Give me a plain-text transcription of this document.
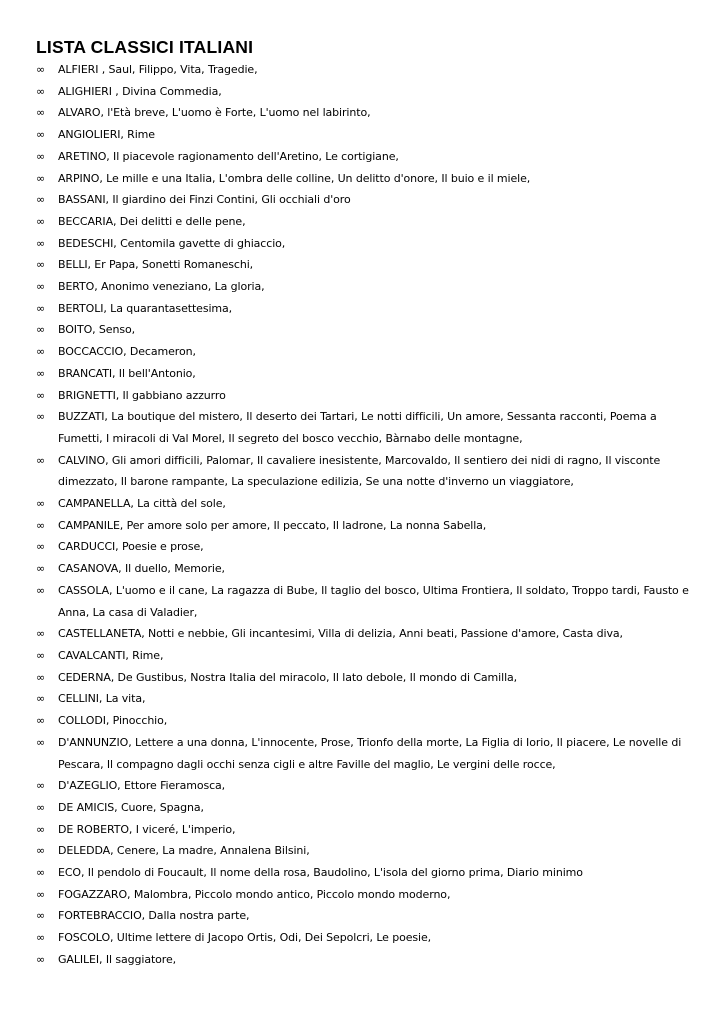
LISTA CLASSICI ITALIANI
∞ ALFIERI , Saul, Filippo, Vita, Tragedie,
∞ ALIGHIERI , Divina Commedia,
∞ ALVARO, l'Età breve, L'uomo è Forte, L'uomo nel labirinto,
∞ ANGIOLIERI, Rime
∞ ARETINO, Il piacevole ragionamento dell'Aretino, Le cortigiane,
∞ ARPINO, Le mille e una Italia, L'ombra delle colline, Un delitto d'onore, Il buio e il miele,
∞ BASSANI, Il giardino dei Finzi Contini, Gli occhiali d'oro
∞ BECCARIA, Dei delitti e delle pene,
∞ BEDESCHI, Centomila gavette di ghiaccio,
∞ BELLI, Er Papa, Sonetti Romaneschi,
∞ BERTO, Anonimo veneziano, La gloria,
∞ BERTOLI, La quarantasettesima,
∞ BOITO, Senso,
∞ BOCCACCIO, Decameron,
∞ BRANCATI, Il bell'Antonio,
∞ BRIGNETTI, Il gabbiano azzurro
∞ BUZZATI, La boutique del mistero, Il deserto dei Tartari, Le notti difficili, Un amore, Sessanta racconti, Poema a Fumetti, I miracoli di Val Morel, Il segreto del bosco vecchio, Bàrnabo delle montagne,
∞ CALVINO, Gli amori difficili, Palomar, Il cavaliere inesistente, Marcovaldo, Il sentiero dei nidi di ragno, Il visconte dimezzato, Il barone rampante, La speculazione edilizia, Se una notte d'inverno un viaggiatore,
∞ CAMPANELLA, La città del sole,
∞ CAMPANILE, Per amore solo per amore, Il peccato, Il ladrone, La nonna Sabella,
∞ CARDUCCI, Poesie e prose,
∞ CASANOVA, Il duello, Memorie,
∞ CASSOLA, L'uomo e il cane, La ragazza di Bube, Il taglio del bosco, Ultima Frontiera, Il soldato, Troppo tardi, Fausto e Anna, La casa di Valadier,
∞ CASTELLANETA, Notti e nebbie, Gli incantesimi, Villa di delizia, Anni beati, Passione d'amore, Casta diva,
∞ CAVALCANTI, Rime,
∞ CEDERNA, De Gustibus, Nostra Italia del miracolo, Il lato debole, Il mondo di Camilla,
∞ CELLINI, La vita,
∞ COLLODI, Pinocchio,
∞ D'ANNUNZIO, Lettere a una donna, L'innocente, Prose, Trionfo della morte, La Figlia di Iorio, Il piacere, Le novelle di Pescara, Il compagno dagli occhi senza cigli e altre Faville del maglio, Le vergini delle rocce,
∞ D'AZEGLIO, Ettore Fieramosca,
∞ DE AMICIS, Cuore, Spagna,
∞ DE ROBERTO, I viceré, L'imperio,
∞ DELEDDA, Cenere, La madre, Annalena Bilsini,
∞ ECO, Il pendolo di Foucault, Il nome della rosa, Baudolino, L'isola del giorno prima, Diario minimo
∞ FOGAZZARO, Malombra, Piccolo mondo antico, Piccolo mondo moderno,
∞ FORTEBRACCIO, Dalla nostra parte,
∞ FOSCOLO, Ultime lettere di Jacopo Ortis, Odi, Dei Sepolcri, Le poesie,
∞ GALILEI, Il saggiatore,
